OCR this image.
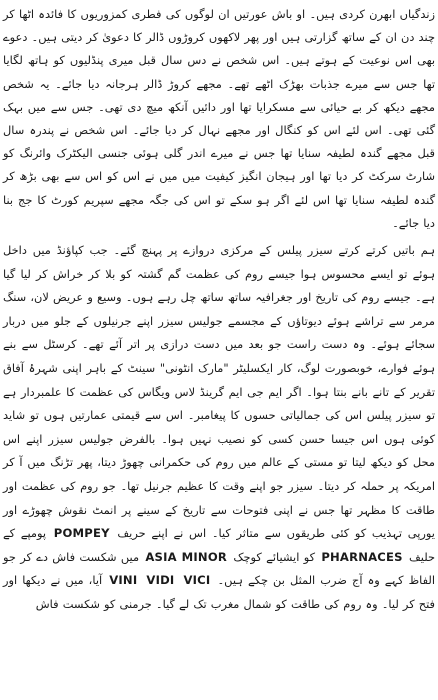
زندگیاں ابھرن کردی ہیں۔ او باش عورتیں ان لوگوں کی فطری کمزوریوں کا فائدہ اٹھا کر چند دن ان کے ساتھ گزارتی ہیں اور پھر لاکھوں کروڑوں ڈالر کا دعویٰ کر دیتی ہیں۔ دعوے بھی اس نوعیت کے ہوتے ہیں۔ اس شخص نے دس سال قبل میری پنڈلیوں کو ہاتھ لگایا تھا جس سے میرے جذبات بھڑک اٹھے تھے۔ مجھے کروڑ ڈالر ہرجانہ دیا جائے۔ یہ شخص مجھے دیکھ کر بے حیائی سے مسکرایا تھا اور دائیں آنکھ میچ دی تھی۔ جس سے میں بہک گئی تھی۔ اس لئے اس کو کنگال اور مجھے نہال کر دیا جائے۔ اس شخص نے پندرہ سال قبل مجھے گندہ لطیفہ سنایا تھا جس نے میرے اندر گلی ہوئی جنسی الیکٹرک وائرنگ کو شارٹ سرکٹ کر دیا تھا اور ہیجان انگیز کیفیت میں میں نے اس کو اس سے بھی بڑھ کر گندہ لطیفہ سنایا تھا اس لئے اگر ہو سکے تو اس کی جگہ مجھے سپریم کورٹ کا جج بنا دیا جائے۔

ہم باتیں کرتے کرتے سیزر پیلس کے مرکزی دروازے پر پہنچ گئے۔ جب کپاؤنڈ میں داخل ہوئے تو ایسے محسوس ہوا جیسے روم کی عظمت گم گشتہ کو بلا کر خراش کر لیا گیا ہے۔ جیسے روم کی تاریخ اور جغرافیہ ساتھ ساتھ چل رہے ہوں۔ وسیع و عریض لان، سنگ مرمر سے تراشے ہوئے دیوتاؤں کے مجسمے جولیس سیزر اپنے جرنیلوں کے جلو میں دربار سجائے ہوئے۔ وہ دست راست جو بعد میں دست درازی پر اتر آئے تھے۔ کرسٹل سے بنے ہوئے فوارے، خوبصورت لوگ، کار ایکسلیٹر "مارک انٹونی" سینٹ کے باہر اپنی شہرۂ آفاق تقریر کے تانے بانے بنتا ہوا۔ اگر ایم جی ایم گرینڈ لاس ویگاس کی عظمت کا علمبردار ہے تو سیزر پیلس اس کی جمالیاتی حسوں کا پیغامبر۔ اس سے قیمتی عمارتیں ہوں تو شاید کوئی ہوں اس جیسا حسن کسی کو نصیب نہیں ہوا۔ بالفرض جولیس سیزر اپنے اس محل کو دیکھ لیتا تو مستی کے عالم میں روم کی حکمرانی چھوڑ دیتا، پھر تڑنگ میں آ کر امریکہ پر حملہ کر دیتا۔ سیزر جو اپنے وقت کا عظیم جرنیل تھا۔ جو روم کی عظمت اور طاقت کا مظہر تھا جس نے اپنی فتوحات سے تاریخ کے سینے پر انمٹ نقوش چھوڑے اور یورپی تہذیب کو کئی طریقوں سے متاثر کیا۔ اس نے اپنے حریف POMPEY پومپے کے حلیف PHARNACES کو ایشیائے کوچک ASIA MINOR میں شکست فاش دے کر جو الفاظ کہے وہ آج ضرب المثل بن چکے ہیں۔ VINI VIDI VICI آیا، میں نے دیکھا اور فتح کر لیا۔ وہ روم کی طاقت کو شمال مغرب تک لے گیا۔ جرمنی کو شکست فاش
